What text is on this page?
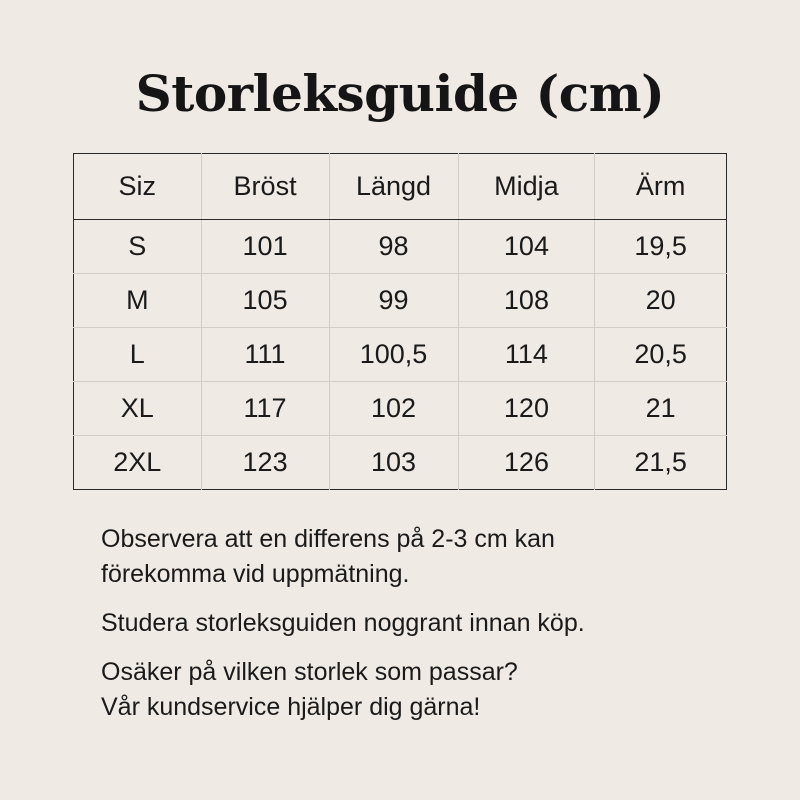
Storleksguide (cm)
Siz	Bröst	Längd	Midja	Ärm
S	101	98	104	19,5
M	105	99	108	20
L	111	100,5	114	20,5
XL	117	102	120	21
2XL	123	103	126	21,5

Observera att en differens på 2-3 cm kan
förekomma vid uppmätning.

Studera storleksguiden noggrant innan köp.

Osäker på vilken storlek som passar?
Vår kundservice hjälper dig gärna!
